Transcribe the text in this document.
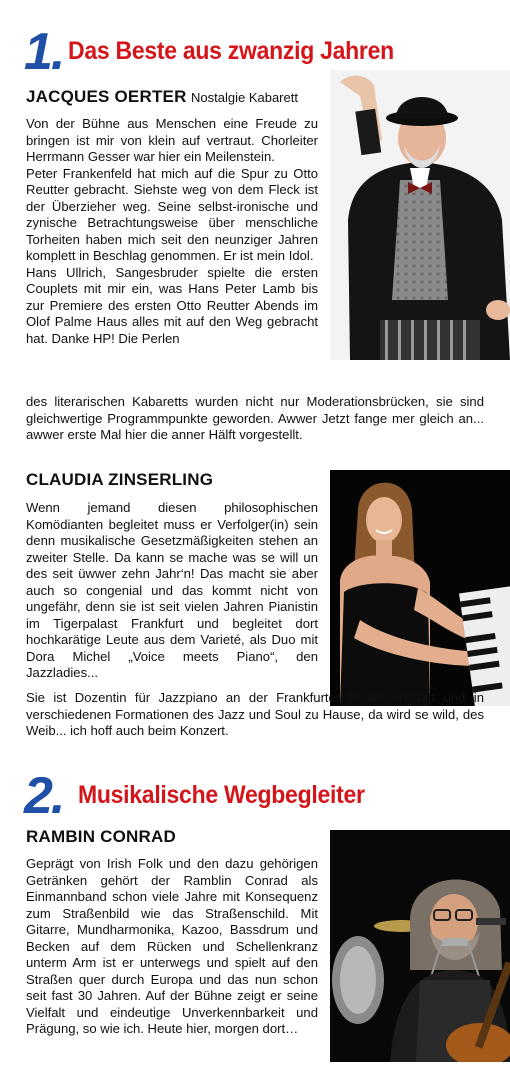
1. Das Beste aus zwanzig Jahren
JACQUES OERTER Nostalgie Kabarett

Von der Bühne aus Menschen eine Freude zu bringen ist mir von klein auf vertraut. Chorleiter Herrmann Gesser war hier ein Meilenstein.

Peter Frankenfeld hat mich auf die Spur zu Otto Reutter gebracht. Siehste weg von dem Fleck ist der Überzieher weg. Seine selbst-ironische und zynische Betrachtungsweise über menschliche Torheiten haben mich seit den neunziger Jahren komplett in Beschlag genommen. Er ist mein Idol.

Hans Ullrich, Sangesbruder spielte die ersten Couplets mit mir ein, was Hans Peter Lamb bis zur Premiere des ersten Otto Reutter Abends im Olof Palme Haus alles mit auf den Weg gebracht hat. Danke HP! Die Perlen

des literarischen Kabaretts wurden nicht nur Moderationsbrücken, sie sind gleichwertige Programmpunkte geworden. Awwer Jetzt fange mer gleich an... awwer erste Mal hier die anner Hälft vorgestellt.

CLAUDIA ZINSERLING

Wenn jemand diesen philosophischen Komödianten begleitet muss er Verfolger(in) sein denn musikalische Gesetzmäßigkeiten stehen an zweiter Stelle. Da kann se mache was se will un des seit üwwer zehn Jahr‘n! Das macht sie aber auch so congenial und das kommt nicht von ungefähr, denn sie ist seit vielen Jahren Pianistin im Tigerpalast Frankfurt und begleitet dort hochkarätige Leute aus dem Varieté, als Duo mit Dora Michel „Voice meets Piano“, den Jazzladies...

Sie ist Dozentin für Jazzpiano an der Frankfurter Musikwerkstatt und in verschiedenen Formationen des Jazz und Soul zu Hause, da wird se wild, des Weib... ich hoff auch beim Konzert.

2. Musikalische Wegbegleiter
RAMBIN CONRAD

Geprägt von Irish Folk und den dazu gehörigen Getränken gehört der Ramblin Conrad als Einmannband schon viele Jahre mit Konsequenz zum Straßenbild wie das Straßenschild. Mit Gitarre, Mundharmonika, Kazoo, Bassdrum und Becken auf dem Rücken und Schellenkranz unterm Arm ist er unterwegs und spielt auf den Straßen quer durch Europa und das nun schon seit fast 30 Jahren. Auf der Bühne zeigt er seine Vielfalt und eindeutige Unverkennbarkeit und Prägung, so wie ich. Heute hier, morgen dort…
